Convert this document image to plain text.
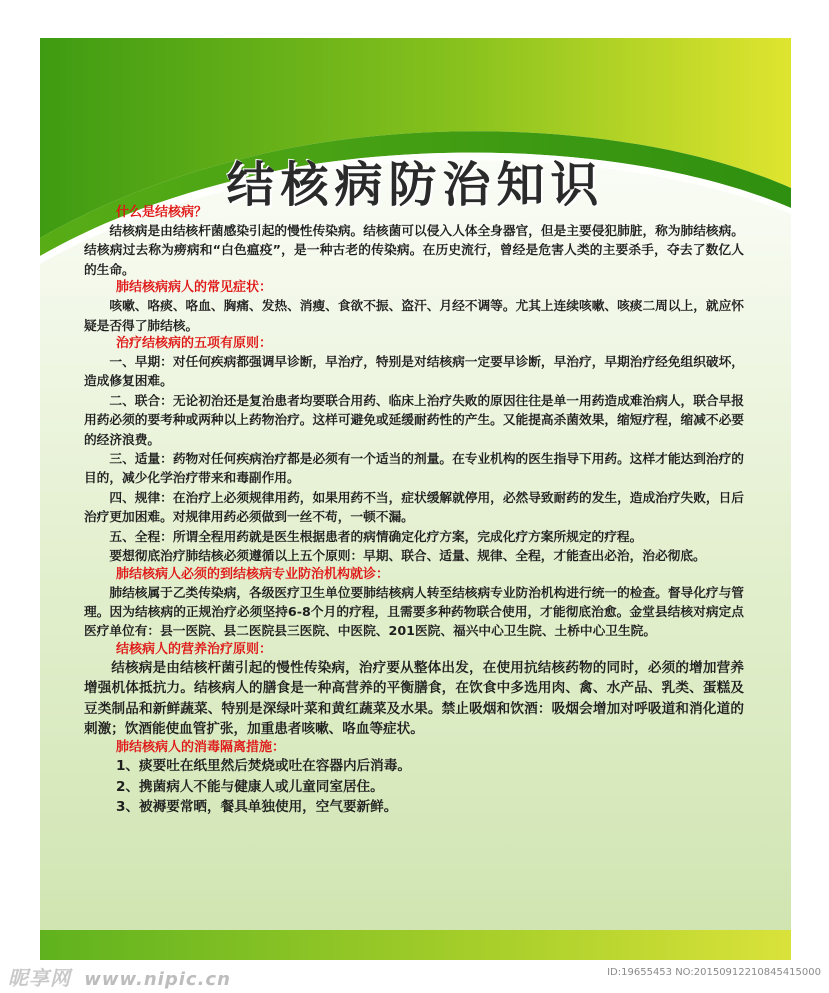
结核病防治知识

什么是结核病？

结核病是由结核杆菌感染引起的慢性传染病。结核菌可以侵入人体全身器官，但是主要侵犯肺脏，称为肺结核病。结核病过去称为痨病和“白色瘟疫”，是一种古老的传染病。在历史流行，曾经是危害人类的主要杀手，夺去了数亿人的生命。

肺结核病病人的常见症状：

咳嗽、咯痰、咯血、胸痛、发热、消瘦、食欲不振、盗汗、月经不调等。尤其上连续咳嗽、咳痰二周以上，就应怀疑是否得了肺结核。

治疗结核病的五项有原则：

一、早期：对任何疾病都强调早诊断，早治疗，特别是对结核病一定要早诊断，早治疗，早期治疗经免组织破坏，造成修复困难。

二、联合：无论初治还是复治患者均要联合用药、临床上治疗失败的原因往往是单一用药造成难治病人，联合早报用药必须的要考种或两种以上药物治疗。这样可避免或延缓耐药性的产生。又能提高杀菌效果，缩短疗程，缩减不必要的经济浪费。

三、适量：药物对任何疾病治疗都是必须有一个适当的剂量。在专业机构的医生指导下用药。这样才能达到治疗的目的，减少化学治疗带来和毒副作用。

四、规律：在治疗上必须规律用药，如果用药不当，症状缓解就停用，必然导致耐药的发生，造成治疗失败，日后治疗更加困难。对规律用药必须做到一丝不苟，一顿不漏。

五、全程：所谓全程用药就是医生根据患者的病情确定化疗方案，完成化疗方案所规定的疗程。

要想彻底治疗肺结核必须遵循以上五个原则：早期、联合、适量、规律、全程，才能查出必治，治必彻底。

肺结核病人必须的到结核病专业防治机构就诊：

肺结核属于乙类传染病，各级医疗卫生单位要肺结核病人转至结核病专业防治机构进行统一的检查。督导化疗与管理。因为结核病的正规治疗必须坚持6-8个月的疗程，且需要多种药物联合使用，才能彻底治愈。金堂县结核对病定点医疗单位有：县一医院、县二医院县三医院、中医院、201医院、福兴中心卫生院、土桥中心卫生院。

结核病人的营养治疗原则：

结核病是由结核杆菌引起的慢性传染病，治疗要从整体出发，在使用抗结核药物的同时，必须的增加营养增强机体抵抗力。结核病人的膳食是一种高营养的平衡膳食，在饮食中多选用肉、禽、水产品、乳类、蛋糕及豆类制品和新鲜蔬菜、特别是深绿叶菜和黄红蔬菜及水果。禁止吸烟和饮酒：吸烟会增加对呼吸道和消化道的刺激；饮酒能使血管扩张，加重患者咳嗽、咯血等症状。

肺结核病人的消毒隔离措施：

1、痰要吐在纸里然后焚烧或吐在容器内后消毒。

2、携菌病人不能与健康人或儿童同室居住。

3、被褥要常晒，餐具单独使用，空气要新鲜。

昵享网 www.nipic.cn	ID:19655453 NO:20150912210845415000
